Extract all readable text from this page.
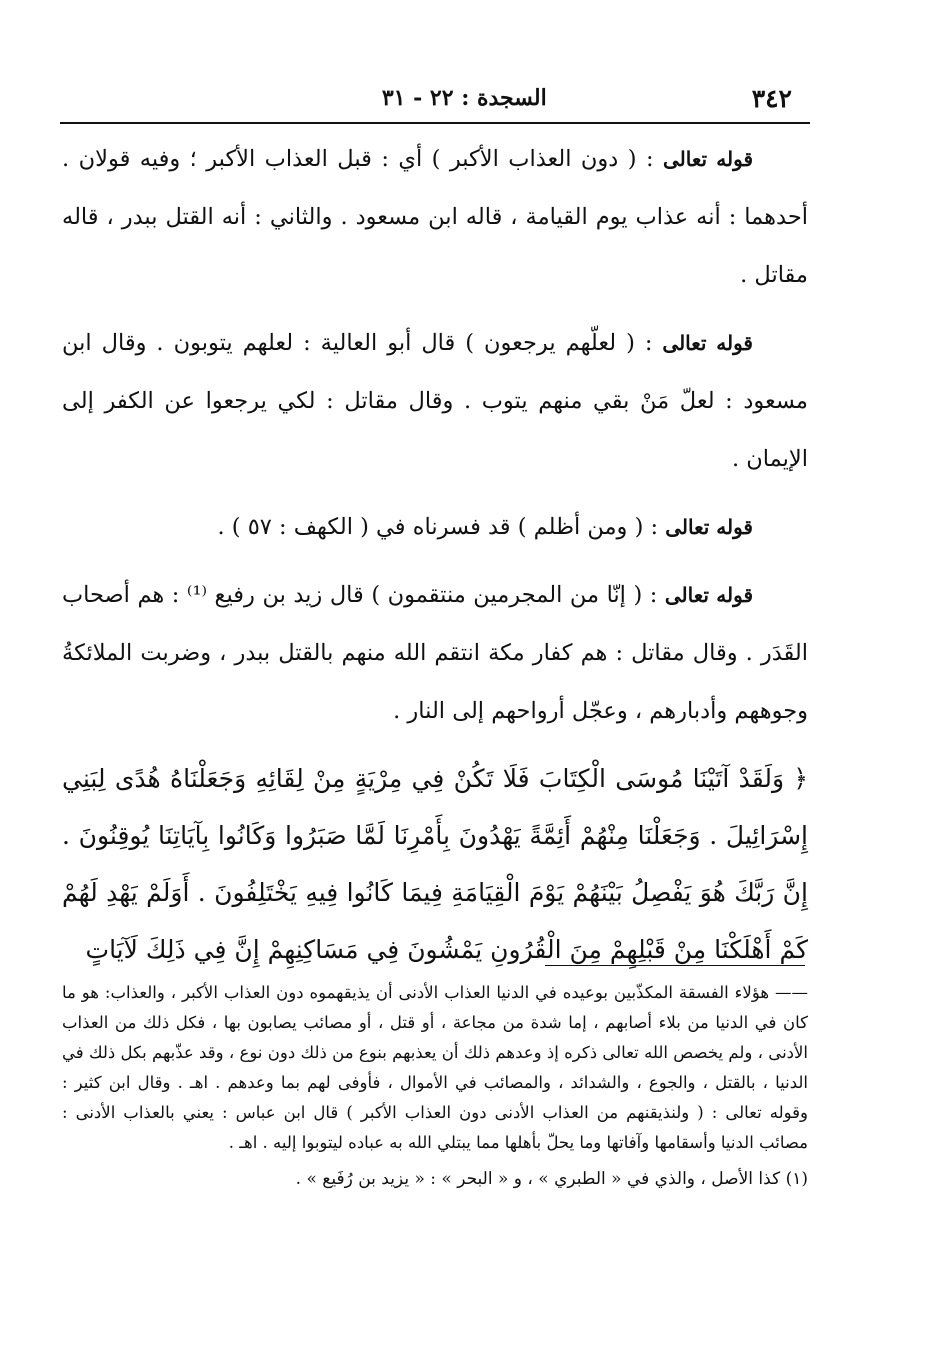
٣٤٢
السجدة : ٢٢ - ٣١

قوله تعالى : ( دون العذاب الأكبر ) أي : قبل العذاب الأكبر ؛ وفيه قولان . أحدهما : أنه عذاب يوم القيامة ، قاله ابن مسعود . والثاني : أنه القتل ببدر ، قاله مقاتل .

قوله تعالى : ( لعلّهم يرجعون ) قال أبو العالية : لعلهم يتوبون . وقال ابن مسعود : لعلّ مَنْ بقي منهم يتوب . وقال مقاتل : لكي يرجعوا عن الكفر إلى الإيمان .

قوله تعالى : ( ومن أظلم ) قد فسرناه في ( الكهف : ٥٧ ) .

قوله تعالى : ( إنّا من المجرمين منتقمون ) قال زيد بن رفيع ⁽¹⁾ : هم أصحاب القَدَر . وقال مقاتل : هم كفار مكة انتقم الله منهم بالقتل ببدر ، وضربت الملائكةُ وجوههم وأدبارهم ، وعجّل أرواحهم إلى النار .

﴿ وَلَقَدْ آتَيْنَا مُوسَى الْكِتَابَ فَلَا تَكُنْ فِي مِرْيَةٍ مِنْ لِقَائِهِ وَجَعَلْنَاهُ هُدًى لِبَنِي إِسْرَائِيلَ . وَجَعَلْنَا مِنْهُمْ أَئِمَّةً يَهْدُونَ بِأَمْرِنَا لَمَّا صَبَرُوا وَكَانُوا بِآيَاتِنَا يُوقِنُونَ . إِنَّ رَبَّكَ هُوَ يَفْصِلُ بَيْنَهُمْ يَوْمَ الْقِيَامَةِ فِيمَا كَانُوا فِيهِ يَخْتَلِفُونَ . أَوَلَمْ يَهْدِ لَهُمْ كَمْ أَهْلَكْنَا مِنْ قَبْلِهِمْ مِنَ الْقُرُونِ يَمْشُونَ فِي مَسَاكِنِهِمْ إِنَّ فِي ذَلِكَ لَآيَاتٍ

—— هؤلاء الفسقة المكذّبين بوعيده في الدنيا العذاب الأدنى أن يذيقهموه دون العذاب الأكبر ، والعذاب: هو ما كان في الدنيا من بلاء أصابهم ، إما شدة من مجاعة ، أو قتل ، أو مصائب يصابون بها ، فكل ذلك من العذاب الأدنى ، ولم يخصص الله تعالى ذكره إذ وعدهم ذلك أن يعذبهم بنوع من ذلك دون نوع ، وقد عذّبهم بكل ذلك في الدنيا ، بالقتل ، والجوع ، والشدائد ، والمصائب في الأموال ، فأوفى لهم بما وعدهم . اهـ . وقال ابن كثير : وقوله تعالى : ( ولنذيقنهم من العذاب الأدنى دون العذاب الأكبر ) قال ابن عباس : يعني بالعذاب الأدنى : مصائب الدنيا وأسقامها وآفاتها وما يحلّ بأهلها مما يبتلي الله به عباده ليتوبوا إليه . اهـ .

(١) كذا الأصل ، والذي في « الطبري » ، و « البحر » : « يزيد بن رُفَيع » .
